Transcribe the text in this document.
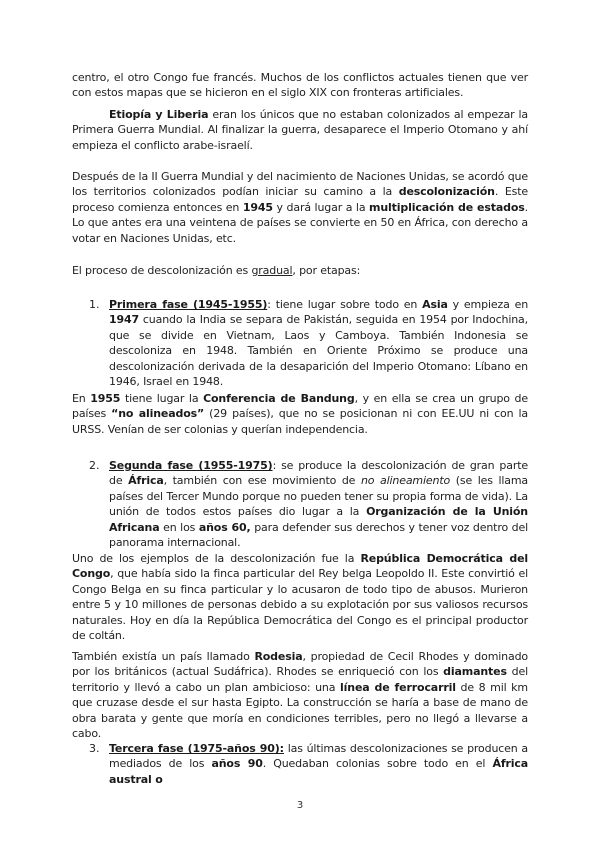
centro, el otro Congo fue francés. Muchos de los conflictos actuales tienen que ver con estos mapas que se hicieron en el siglo XIX con fronteras artificiales.

Etiopía y Liberia eran los únicos que no estaban colonizados al empezar la Primera Guerra Mundial. Al finalizar la guerra, desaparece el Imperio Otomano y ahí empieza el conflicto arabe-israelí.

Después de la II Guerra Mundial y del nacimiento de Naciones Unidas, se acordó que los territorios colonizados podían iniciar su camino a la descolonización. Este proceso comienza entonces en 1945 y dará lugar a la multiplicación de estados. Lo que antes era una veintena de países se convierte en 50 en África, con derecho a votar en Naciones Unidas, etc.

El proceso de descolonización es gradual, por etapas:

1. Primera fase (1945-1955): tiene lugar sobre todo en Asia y empieza en 1947 cuando la India se separa de Pakistán, seguida en 1954 por Indochina, que se divide en Vietnam, Laos y Camboya. También Indonesia se descoloniza en 1948. También en Oriente Próximo se produce una descolonización derivada de la desaparición del Imperio Otomano: Líbano en 1946, Israel en 1948.

En 1955 tiene lugar la Conferencia de Bandung, y en ella se crea un grupo de países “no alineados” (29 países), que no se posicionan ni con EE.UU ni con la URSS. Venían de ser colonias y querían independencia.

2. Segunda fase (1955-1975): se produce la descolonización de gran parte de África, también con ese movimiento de no alineamiento (se les llama países del Tercer Mundo porque no pueden tener su propia forma de vida). La unión de todos estos países dio lugar a la Organización de la Unión Africana en los años 60, para defender sus derechos y tener voz dentro del panorama internacional.

Uno de los ejemplos de la descolonización fue la República Democrática del Congo, que había sido la finca particular del Rey belga Leopoldo II. Este convirtió el Congo Belga en su finca particular y lo acusaron de todo tipo de abusos. Murieron entre 5 y 10 millones de personas debido a su explotación por sus valiosos recursos naturales. Hoy en día la República Democrática del Congo es el principal productor de coltán.

También existía un país llamado Rodesia, propiedad de Cecil Rhodes y dominado por los británicos (actual Sudáfrica). Rhodes se enriqueció con los diamantes del territorio y llevó a cabo un plan ambicioso: una línea de ferrocarril de 8 mil km que cruzase desde el sur hasta Egipto. La construcción se haría a base de mano de obra barata y gente que moría en condiciones terribles, pero no llegó a llevarse a cabo.

3. Tercera fase (1975-años 90): las últimas descolonizaciones se producen a mediados de los años 90. Quedaban colonias sobre todo en el África austral o

3
